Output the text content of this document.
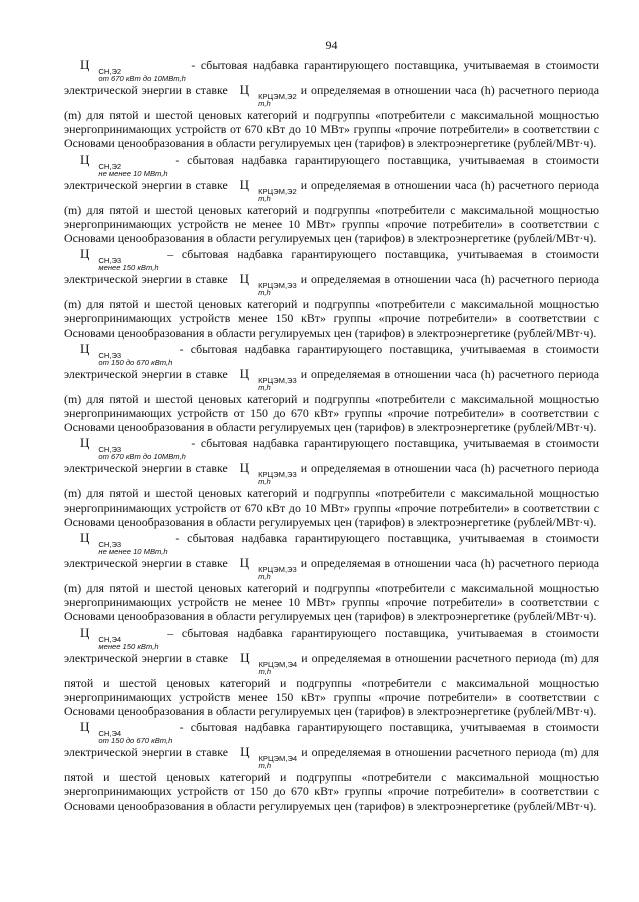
94

Ц	СН,Э2
от 670 кВт до 10МВт,h
- сбытовая надбавка гарантирующего поставщика, учитываемая в стоимости электрической энергии в ставке Ц	КРЦЭМ,Э2
m,h
и определяемая в отношении часа (h) расчетного периода (m) для пятой и шестой ценовых категорий и подгруппы «потребители с максимальной мощностью энергопринимающих устройств от 670 кВт до 10 МВт» группы «прочие потребители» в соответствии с Основами ценообразования в области регулируемых цен (тарифов) в электроэнергетике (рублей/МВт·ч).

Ц	СН,Э2
не менее 10 МВт,h
- сбытовая надбавка гарантирующего поставщика, учитываемая в стоимости электрической энергии в ставке Ц	КРЦЭМ,Э2
m,h
и определяемая в отношении часа (h) расчетного периода (m) для пятой и шестой ценовых категорий и подгруппы «потребители с максимальной мощностью энергопринимающих устройств не менее 10 МВт» группы «прочие потребители» в соответствии с Основами ценообразования в области регулируемых цен (тарифов) в электроэнергетике (рублей/МВт·ч).

Ц	СН,Э3
менее 150 кВт,h
– сбытовая надбавка гарантирующего поставщика, учитываемая в стоимости электрической энергии в ставке Ц	КРЦЭМ,Э3
m,h
и определяемая в отношении часа (h) расчетного периода (m) для пятой и шестой ценовых категорий и подгруппы «потребители с максимальной мощностью энергопринимающих устройств менее 150 кВт» группы «прочие потребители» в соответствии с Основами ценообразования в области регулируемых цен (тарифов) в электроэнергетике (рублей/МВт·ч).

Ц	СН,Э3
от 150 до 670 кВт,h
- сбытовая надбавка гарантирующего поставщика, учитываемая в стоимости электрической энергии в ставке Ц	КРЦЭМ,Э3
m,h
и определяемая в отношении часа (h) расчетного периода (m) для пятой и шестой ценовых категорий и подгруппы «потребители с максимальной мощностью энергопринимающих устройств от 150 до 670 кВт» группы «прочие потребители» в соответствии с Основами ценообразования в области регулируемых цен (тарифов) в электроэнергетике (рублей/МВт·ч).

Ц	СН,Э3
от 670 кВт до 10МВт,h
- сбытовая надбавка гарантирующего поставщика, учитываемая в стоимости электрической энергии в ставке Ц	КРЦЭМ,Э3
m,h
и определяемая в отношении часа (h) расчетного периода (m) для пятой и шестой ценовых категорий и подгруппы «потребители с максимальной мощностью энергопринимающих устройств от 670 кВт до 10 МВт» группы «прочие потребители» в соответствии с Основами ценообразования в области регулируемых цен (тарифов) в электроэнергетике (рублей/МВт·ч).

Ц	СН,Э3
не менее 10 МВт,h
- сбытовая надбавка гарантирующего поставщика, учитываемая в стоимости электрической энергии в ставке Ц	КРЦЭМ,Э3
m,h
и определяемая в отношении часа (h) расчетного периода (m) для пятой и шестой ценовых категорий и подгруппы «потребители с максимальной мощностью энергопринимающих устройств не менее 10 МВт» группы «прочие потребители» в соответствии с Основами ценообразования в области регулируемых цен (тарифов) в электроэнергетике (рублей/МВт·ч).

Ц	СН,Э4
менее 150 кВт,h
– сбытовая надбавка гарантирующего поставщика, учитываемая в стоимости электрической энергии в ставке Ц	КРЦЭМ,Э4
m,h
и определяемая в отношении расчетного периода (m) для пятой и шестой ценовых категорий и подгруппы «потребители с максимальной мощностью энергопринимающих устройств менее 150 кВт» группы «прочие потребители» в соответствии с Основами ценообразования в области регулируемых цен (тарифов) в электроэнергетике (рублей/МВт·ч).

Ц	СН,Э4
от 150 до 670 кВт,h
- сбытовая надбавка гарантирующего поставщика, учитываемая в стоимости электрической энергии в ставке Ц	КРЦЭМ,Э4
m,h
и определяемая в отношении расчетного периода (m) для пятой и шестой ценовых категорий и подгруппы «потребители с максимальной мощностью энергопринимающих устройств от 150 до 670 кВт» группы «прочие потребители» в соответствии с Основами ценообразования в области регулируемых цен (тарифов) в электроэнергетике (рублей/МВт·ч).
